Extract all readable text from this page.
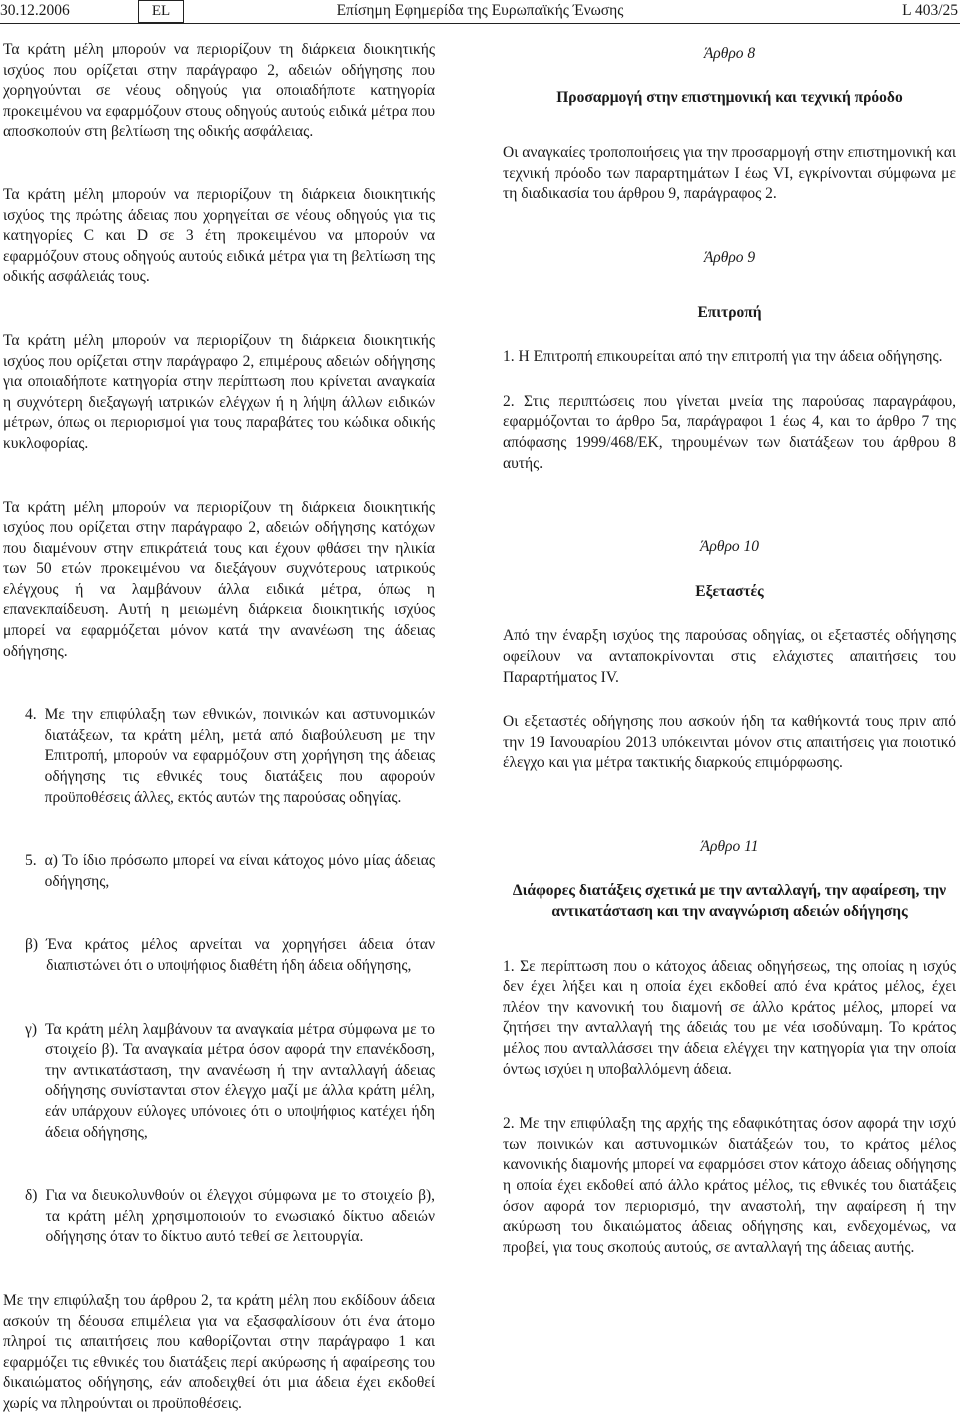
30.12.2006	EL	Επίσημη Εφημερίδα της Ευρωπαϊκής Ένωσης	L 403/25

Τα κράτη μέλη μπορούν να περιορίζουν τη διάρκεια διοικητικής ισχύος που ορίζεται στην παράγραφο 2, αδειών οδήγησης που χορηγούνται σε νέους οδηγούς για οποιαδήποτε κατηγορία προκειμένου να εφαρμόζουν στους οδηγούς αυτούς ειδικά μέτρα που αποσκοπούν στη βελτίωση της οδικής ασφάλειας.

Τα κράτη μέλη μπορούν να περιορίζουν τη διάρκεια διοικητικής ισχύος της πρώτης άδειας που χορηγείται σε νέους οδηγούς για τις κατηγορίες C και D σε 3 έτη προκειμένου να μπορούν να εφαρμόζουν στους οδηγούς αυτούς ειδικά μέτρα για τη βελτίωση της οδικής ασφάλειάς τους.

Τα κράτη μέλη μπορούν να περιορίζουν τη διάρκεια διοικητικής ισχύος που ορίζεται στην παράγραφο 2, επιμέρους αδειών οδήγησης για οποιαδήποτε κατηγορία στην περίπτωση που κρίνεται αναγκαία η συχνότερη διεξαγωγή ιατρικών ελέγχων ή η λήψη άλλων ειδικών μέτρων, όπως οι περιορισμοί για τους παραβάτες του κώδικα οδικής κυκλοφορίας.

Τα κράτη μέλη μπορούν να περιορίζουν τη διάρκεια διοικητικής ισχύος που ορίζεται στην παράγραφο 2, αδειών οδήγησης κατόχων που διαμένουν στην επικράτειά τους και έχουν φθάσει την ηλικία των 50 ετών προκειμένου να διεξάγουν συχνότερους ιατρικούς ελέγχους ή να λαμβάνουν άλλα ειδικά μέτρα, όπως η επανεκπαίδευση. Αυτή η μειωμένη διάρκεια διοικητικής ισχύος μπορεί να εφαρμόζεται μόνον κατά την ανανέωση της άδειας οδήγησης.

4. Με την επιφύλαξη των εθνικών, ποινικών και αστυνομικών διατάξεων, τα κράτη μέλη, μετά από διαβούλευση με την Επιτροπή, μπορούν να εφαρμόζουν στη χορήγηση της άδειας οδήγησης τις εθνικές τους διατάξεις που αφορούν προϋποθέσεις άλλες, εκτός αυτών της παρούσας οδηγίας.
5. α) Το ίδιο πρόσωπο μπορεί να είναι κάτοχος μόνο μίας άδειας οδήγησης,
β) Ένα κράτος μέλος αρνείται να χορηγήσει άδεια όταν διαπιστώνει ότι ο υποψήφιος διαθέτη ήδη άδεια οδήγησης,
γ) Τα κράτη μέλη λαμβάνουν τα αναγκαία μέτρα σύμφωνα με το στοιχείο β). Τα αναγκαία μέτρα όσον αφορά την επανέκδοση, την αντικατάσταση, την ανανέωση ή την ανταλλαγή άδειας οδήγησης συνίστανται στον έλεγχο μαζί με άλλα κράτη μέλη, εάν υπάρχουν εύλογες υπόνοιες ότι ο υποψήφιος κατέχει ήδη άδεια οδήγησης,
δ) Για να διευκολυνθούν οι έλεγχοι σύμφωνα με το στοιχείο β), τα κράτη μέλη χρησιμοποιούν το ενωσιακό δίκτυο αδειών οδήγησης όταν το δίκτυο αυτό τεθεί σε λειτουργία.

Με την επιφύλαξη του άρθρου 2, τα κράτη μέλη που εκδίδουν άδεια ασκούν τη δέουσα επιμέλεια για να εξασφαλίσουν ότι ένα άτομο πληροί τις απαιτήσεις που καθορίζονται στην παράγραφο 1 και εφαρμόζει τις εθνικές του διατάξεις περί ακύρωσης ή αφαίρεσης του δικαιώματος οδήγησης, εάν αποδειχθεί ότι μια άδεια έχει εκδοθεί χωρίς να πληρούνται οι προϋποθέσεις.

Άρθρο 8

Προσαρμογή στην επιστημονική και τεχνική πρόοδο

Οι αναγκαίες τροποποιήσεις για την προσαρμογή στην επιστημονική και τεχνική πρόοδο των παραρτημάτων I έως VI, εγκρίνονται σύμφωνα με τη διαδικασία του άρθρου 9, παράγραφος 2.

Άρθρο 9

Επιτροπή

1. Η Επιτροπή επικουρείται από την επιτροπή για την άδεια οδήγησης.

2. Στις περιπτώσεις που γίνεται μνεία της παρούσας παραγράφου, εφαρμόζονται το άρθρο 5α, παράγραφοι 1 έως 4, και το άρθρο 7 της απόφασης 1999/468/ΕΚ, τηρουμένων των διατάξεων του άρθρου 8 αυτής.

Άρθρο 10

Εξεταστές

Από την έναρξη ισχύος της παρούσας οδηγίας, οι εξεταστές οδήγησης οφείλουν να ανταποκρίνονται στις ελάχιστες απαιτήσεις του Παραρτήματος IV.

Οι εξεταστές οδήγησης που ασκούν ήδη τα καθήκοντά τους πριν από την 19 Ιανουαρίου 2013 υπόκεινται μόνον στις απαιτήσεις για ποιοτικό έλεγχο και για μέτρα τακτικής διαρκούς επιμόρφωσης.

Άρθρο 11

Διάφορες διατάξεις σχετικά με την ανταλλαγή, την αφαίρεση, την αντικατάσταση και την αναγνώριση αδειών οδήγησης

1. Σε περίπτωση που ο κάτοχος άδειας οδηγήσεως, της οποίας η ισχύς δεν έχει λήξει και η οποία έχει εκδοθεί από ένα κράτος μέλος, έχει πλέον την κανονική του διαμονή σε άλλο κράτος μέλος, μπορεί να ζητήσει την ανταλλαγή της άδειάς του με νέα ισοδύναμη. Το κράτος μέλος που ανταλλάσσει την άδεια ελέγχει την κατηγορία για την οποία όντως ισχύει η υποβαλλόμενη άδεια.

2. Με την επιφύλαξη της αρχής της εδαφικότητας όσον αφορά την ισχύ των ποινικών και αστυνομικών διατάξεών του, το κράτος μέλος κανονικής διαμονής μπορεί να εφαρμόσει στον κάτοχο άδειας οδήγησης η οποία έχει εκδοθεί από άλλο κράτος μέλος, τις εθνικές του διατάξεις όσον αφορά τον περιορισμό, την αναστολή, την αφαίρεση ή την ακύρωση του δικαιώματος άδειας οδήγησης και, ενδεχομένως, να προβεί, για τους σκοπούς αυτούς, σε ανταλλαγή της άδειας αυτής.
